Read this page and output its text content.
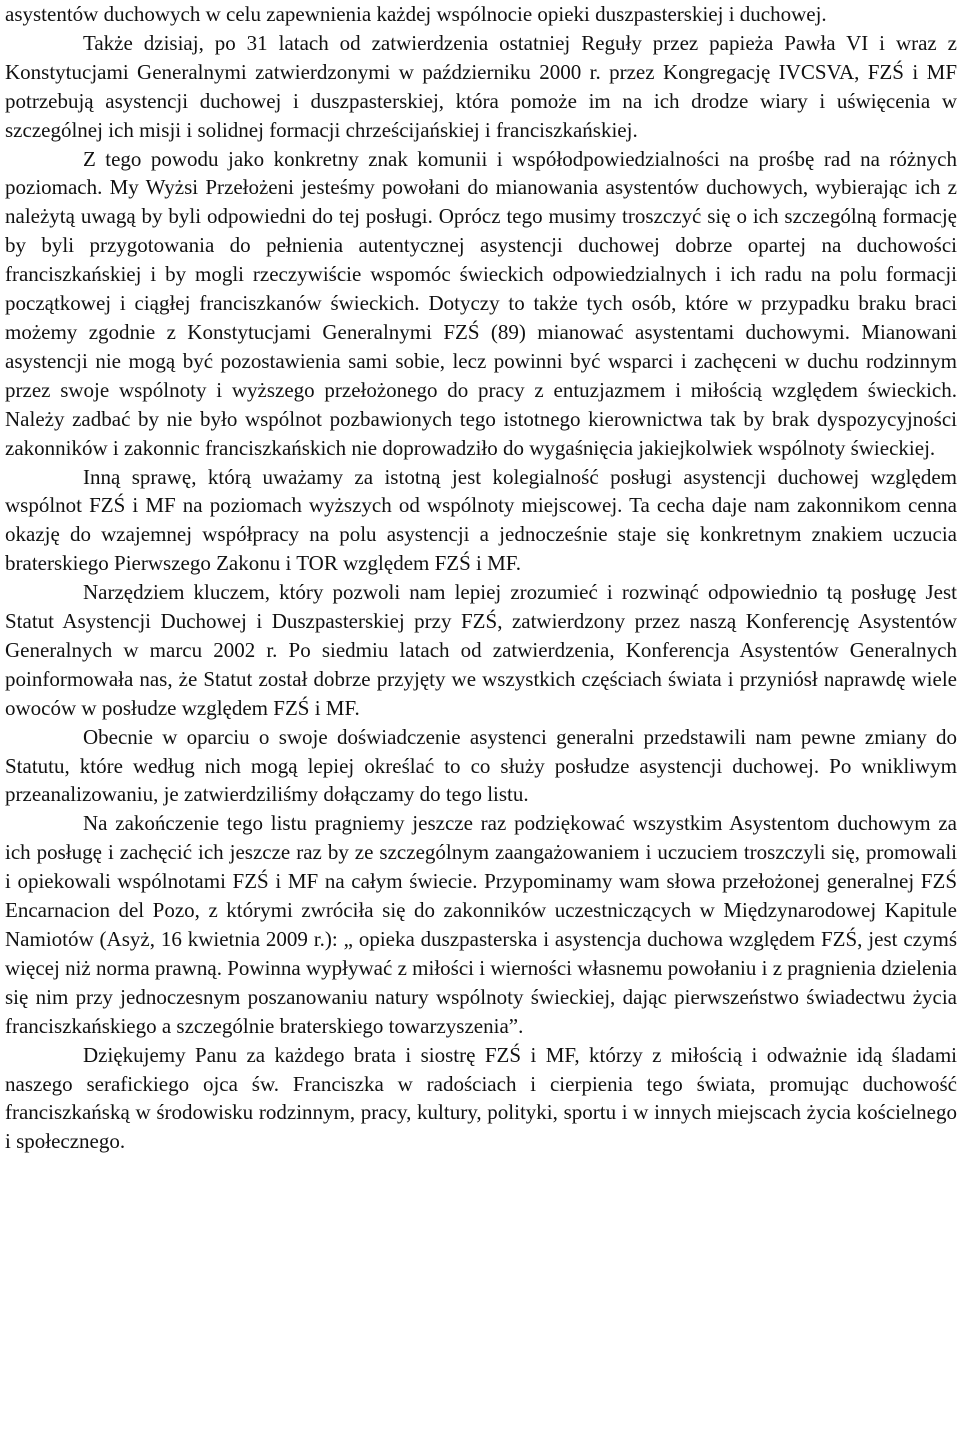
asystentów duchowych w celu zapewnienia każdej wspólnocie opieki duszpasterskiej i duchowej.

Także dzisiaj, po 31 latach od zatwierdzenia ostatniej Reguły przez papieża Pawła VI i wraz z Konstytucjami Generalnymi zatwierdzonymi w październiku 2000 r. przez Kongregację IVCSVA, FZŚ i MF potrzebują asystencji duchowej i duszpasterskiej, która pomoże im na ich drodze wiary i uświęcenia w szczególnej ich misji i solidnej formacji chrześcijańskiej i franciszkańskiej.

Z tego powodu jako konkretny znak komunii i współodpowiedzialności na prośbę rad na różnych poziomach. My Wyżsi Przełożeni jesteśmy powołani do mianowania asystentów duchowych, wybierając ich z należytą uwagą by byli odpowiedni do tej posługi. Oprócz tego musimy troszczyć się o ich szczególną formację by byli przygotowania do pełnienia autentycznej asystencji duchowej dobrze opartej na duchowości franciszkańskiej i by mogli rzeczywiście wspomóc świeckich odpowiedzialnych i ich radu na polu formacji początkowej i ciągłej franciszkanów świeckich. Dotyczy to także tych osób, które w przypadku braku braci możemy zgodnie z Konstytucjami Generalnymi FZŚ (89) mianować asystentami duchowymi. Mianowani asystencji nie mogą być pozostawienia sami sobie, lecz powinni być wsparci i zachęceni w duchu rodzinnym przez swoje wspólnoty i wyższego przełożonego do pracy z entuzjazmem i miłością względem świeckich. Należy zadbać by nie było wspólnot pozbawionych tego istotnego kierownictwa tak by brak dyspozycyjności zakonników i zakonnic franciszkańskich nie doprowadziło do wygaśnięcia jakiejkolwiek wspólnoty świeckiej.

Inną sprawę, którą uważamy za istotną jest kolegialność posługi asystencji duchowej względem wspólnot FZŚ i MF na poziomach wyższych od wspólnoty miejscowej. Ta cecha daje nam zakonnikom cenna okazję do wzajemnej współpracy na polu asystencji a jednocześnie staje się konkretnym znakiem uczucia braterskiego Pierwszego Zakonu i TOR względem FZŚ i MF.

Narzędziem kluczem, który pozwoli nam lepiej zrozumieć i rozwinąć odpowiednio tą posługę Jest Statut Asystencji Duchowej i Duszpasterskiej przy FZŚ, zatwierdzony przez naszą Konferencję Asystentów Generalnych w marcu 2002 r. Po siedmiu latach od zatwierdzenia, Konferencja Asystentów Generalnych poinformowała nas, że Statut został dobrze przyjęty we wszystkich częściach świata i przyniósł naprawdę wiele owoców w posłudze względem FZŚ i MF.

Obecnie w oparciu o swoje doświadczenie asystenci generalni przedstawili nam pewne zmiany do Statutu, które według nich mogą lepiej określać to co służy posłudze asystencji duchowej. Po wnikliwym przeanalizowaniu, je zatwierdziliśmy dołączamy do tego listu.

Na zakończenie tego listu pragniemy jeszcze raz podziękować wszystkim Asystentom duchowym za ich posługę i zachęcić ich jeszcze raz by ze szczególnym zaangażowaniem i uczuciem troszczyli się, promowali i opiekowali wspólnotami FZŚ i MF na całym świecie. Przypominamy wam słowa przełożonej generalnej FZŚ Encarnacion del Pozo, z którymi zwróciła się do zakonników uczestniczących w Międzynarodowej Kapitule Namiotów (Asyż, 16 kwietnia 2009 r.): „ opieka duszpasterska i asystencja duchowa względem FZŚ, jest czymś więcej niż norma prawną. Powinna wypływać z miłości i wierności własnemu powołaniu i z pragnienia dzielenia się nim przy jednoczesnym poszanowaniu natury wspólnoty świeckiej, dając pierwszeństwo świadectwu życia franciszkańskiego a szczególnie braterskiego towarzyszenia”.

Dziękujemy Panu za każdego brata i siostrę FZŚ i MF, którzy z miłością i odważnie idą śladami naszego serafickiego ojca św. Franciszka w radościach i cierpienia tego świata, promując duchowość franciszkańską w środowisku rodzinnym, pracy, kultury, polityki, sportu i w innych miejscach życia kościelnego i społecznego.
